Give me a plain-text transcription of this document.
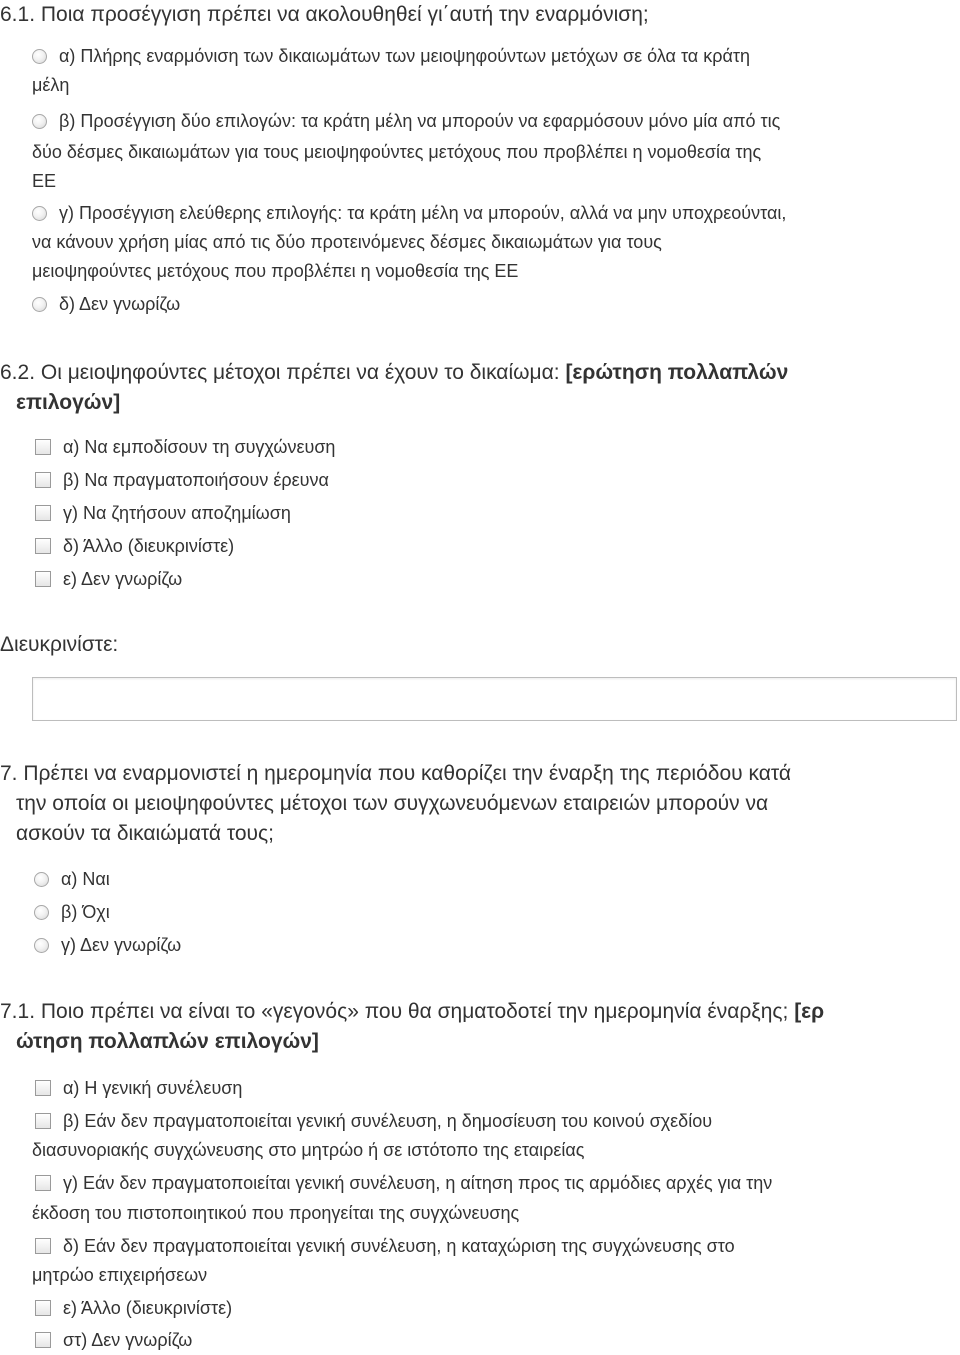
6.1. Ποια προσέγγιση πρέπει να ακολουθηθεί γι΄αυτή την εναρμόνιση;
α) Πλήρης εναρμόνιση των δικαιωμάτων των μειοψηφούντων μετόχων σε όλα τα κράτη
μέλη
β) Προσέγγιση δύο επιλογών: τα κράτη μέλη να μπορούν να εφαρμόσουν μόνο μία από τις
δύο δέσμες δικαιωμάτων για τους μειοψηφούντες μετόχους που προβλέπει η νομοθεσία της
ΕΕ
γ) Προσέγγιση ελεύθερης επιλογής: τα κράτη μέλη να μπορούν, αλλά να μην υποχρεούνται,
να κάνουν χρήση μίας από τις δύο προτεινόμενες δέσμες δικαιωμάτων για τους
μειοψηφούντες μετόχους που προβλέπει η νομοθεσία της ΕΕ
δ) Δεν γνωρίζω
6.2. Οι μειοψηφούντες μέτοχοι πρέπει να έχουν το δικαίωμα: [ερώτηση πολλαπλών
επιλογών]
α) Να εμποδίσουν τη συγχώνευση
β) Να πραγματοποιήσουν έρευνα
γ) Να ζητήσουν αποζημίωση
δ) Άλλο (διευκρινίστε)
ε) Δεν γνωρίζω
Διευκρινίστε:
7. Πρέπει να εναρμονιστεί η ημερομηνία που καθορίζει την έναρξη της περιόδου κατά
την οποία οι μειοψηφούντες μέτοχοι των συγχωνευόμενων εταιρειών μπορούν να
ασκούν τα δικαιώματά τους;
α) Ναι
β) Όχι
γ) Δεν γνωρίζω
7.1. Ποιο πρέπει να είναι το «γεγονός» που θα σηματοδοτεί την ημερομηνία έναρξης; [ερ
ώτηση πολλαπλών επιλογών]
α) Η γενική συνέλευση
β) Εάν δεν πραγματοποιείται γενική συνέλευση, η δημοσίευση του κοινού σχεδίου
διασυνοριακής συγχώνευσης στο μητρώο ή σε ιστότοπο της εταιρείας
γ) Εάν δεν πραγματοποιείται γενική συνέλευση, η αίτηση προς τις αρμόδιες αρχές για την
έκδοση του πιστοποιητικού που προηγείται της συγχώνευσης
δ) Εάν δεν πραγματοποιείται γενική συνέλευση, η καταχώριση της συγχώνευσης στο
μητρώο επιχειρήσεων
ε) Άλλο (διευκρινίστε)
στ) Δεν γνωρίζω
